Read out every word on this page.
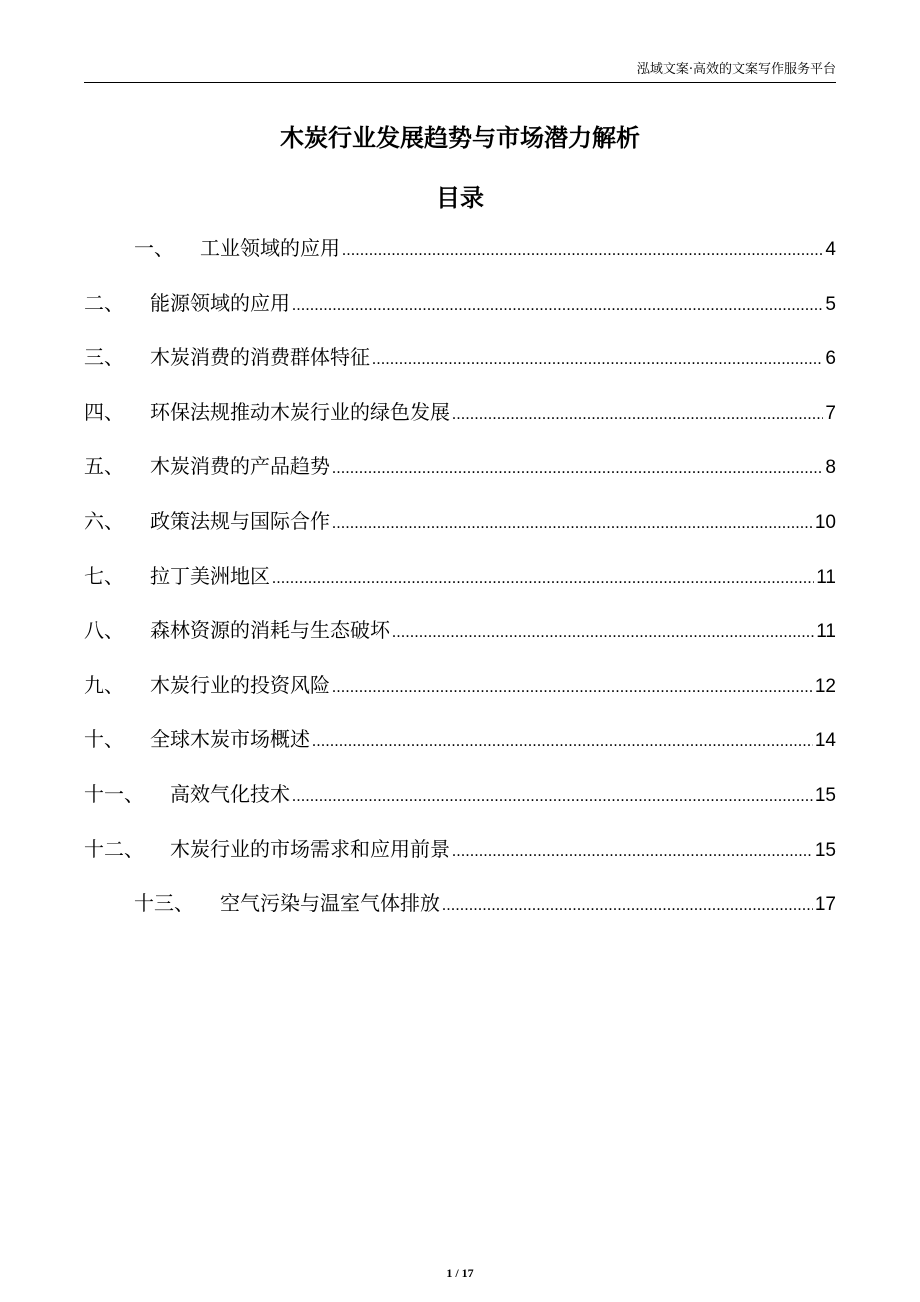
泓域文案·高效的文案写作服务平台
木炭行业发展趋势与市场潜力解析
目录
一、 工业领域的应用 .....	4
二、 能源领域的应用 .....	5
三、 木炭消费的消费群体特征 .....	6
四、 环保法规推动木炭行业的绿色发展 .....	7
五、 木炭消费的产品趋势 .....	8
六、 政策法规与国际合作 .....	10
七、 拉丁美洲地区 .....	11
八、 森林资源的消耗与生态破坏 .....	11
九、 木炭行业的投资风险 .....	12
十、 全球木炭市场概述 .....	14
十一、 高效气化技术 .....	15
十二、 木炭行业的市场需求和应用前景 .....	15
十三、 空气污染与温室气体排放 .....	17
1 / 17
